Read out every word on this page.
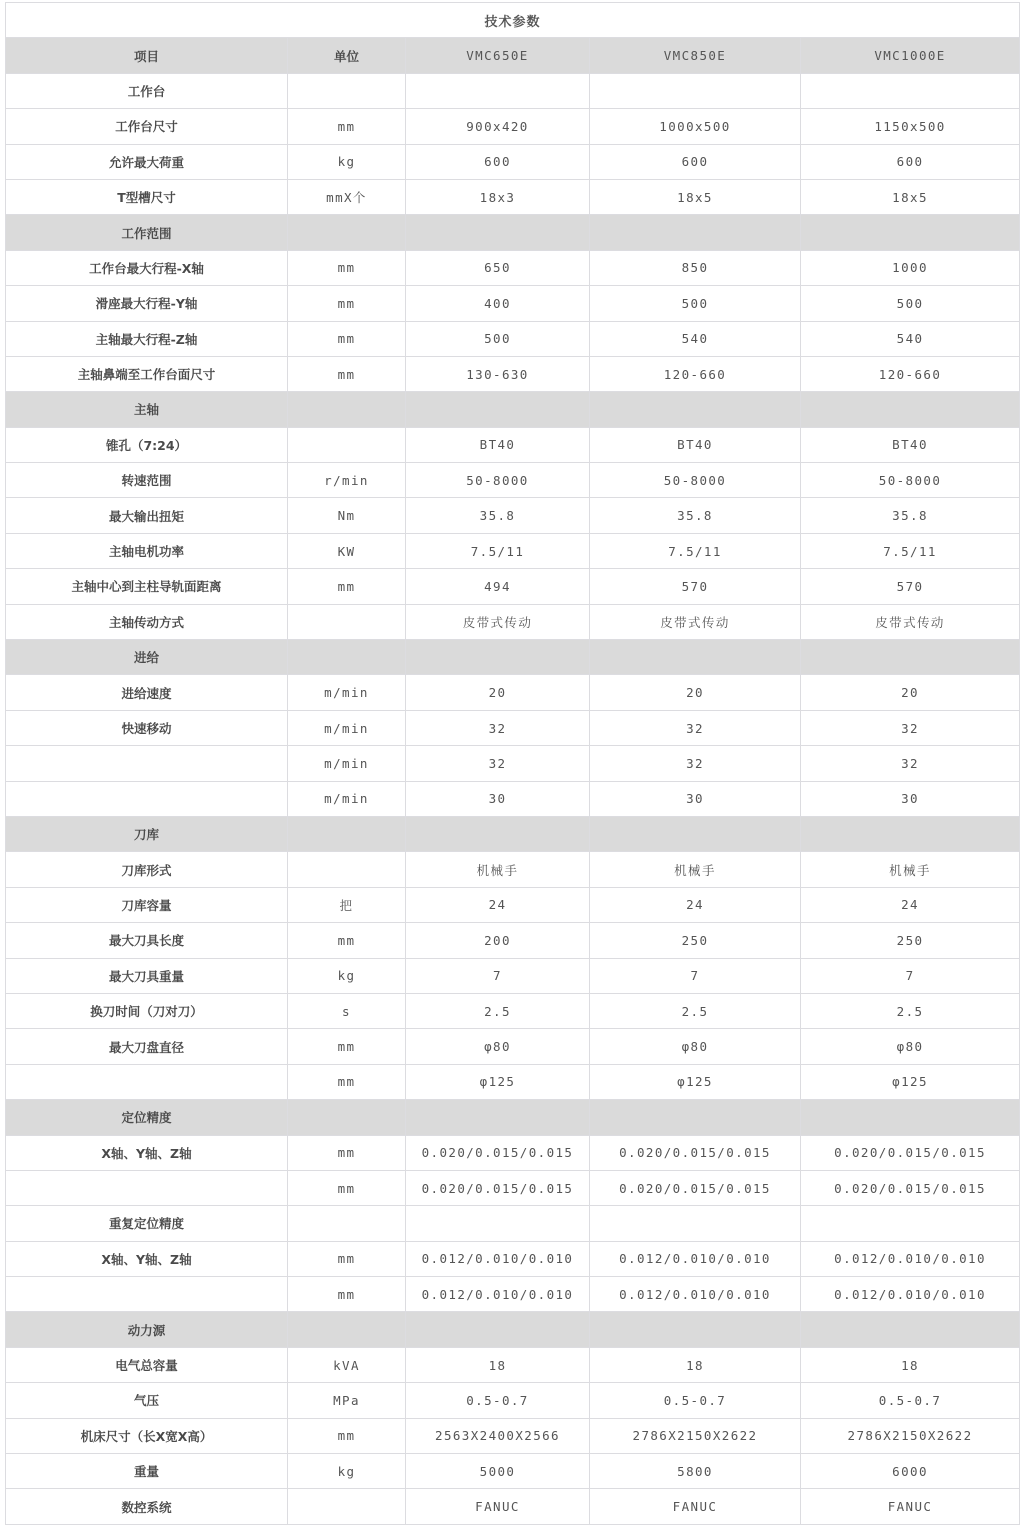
技术参数				
项目	单位	VMC650E	VMC850E	VMC1000E
工作台				
工作台尺寸	mm	900x420	1000x500	1150x500
允许最大荷重	kg	600	600	600
T型槽尺寸	mmX个	18x3	18x5	18x5
工作范围				
工作台最大行程-X轴	mm	650	850	1000
滑座最大行程-Y轴	mm	400	500	500
主轴最大行程-Z轴	mm	500	540	540
主轴鼻端至工作台面尺寸	mm	130-630	120-660	120-660
主轴				
锥孔（7:24）		BT40	BT40	BT40
转速范围	r/min	50-8000	50-8000	50-8000
最大输出扭矩	Nm	35.8	35.8	35.8
主轴电机功率	KW	7.5/11	7.5/11	7.5/11
主轴中心到主柱导轨面距离	mm	494	570	570
主轴传动方式		皮带式传动	皮带式传动	皮带式传动
进给				
进给速度	m/min	20	20	20
快速移动	m/min	32	32	32
	m/min	32	32	32
	m/min	30	30	30
刀库				
刀库形式		机械手	机械手	机械手
刀库容量	把	24	24	24
最大刀具长度	mm	200	250	250
最大刀具重量	kg	7	7	7
换刀时间（刀对刀）	s	2.5	2.5	2.5
最大刀盘直径	mm	φ80	φ80	φ80
	mm	φ125	φ125	φ125
定位精度				
X轴、Y轴、Z轴	mm	0.020/0.015/0.015	0.020/0.015/0.015	0.020/0.015/0.015
	mm	0.020/0.015/0.015	0.020/0.015/0.015	0.020/0.015/0.015
重复定位精度				
X轴、Y轴、Z轴	mm	0.012/0.010/0.010	0.012/0.010/0.010	0.012/0.010/0.010
	mm	0.012/0.010/0.010	0.012/0.010/0.010	0.012/0.010/0.010
动力源				
电气总容量	kVA	18	18	18
气压	MPa	0.5-0.7	0.5-0.7	0.5-0.7
机床尺寸（长X宽X高）	mm	2563X2400X2566	2786X2150X2622	2786X2150X2622
重量	kg	5000	5800	6000
数控系统		FANUC	FANUC	FANUC
